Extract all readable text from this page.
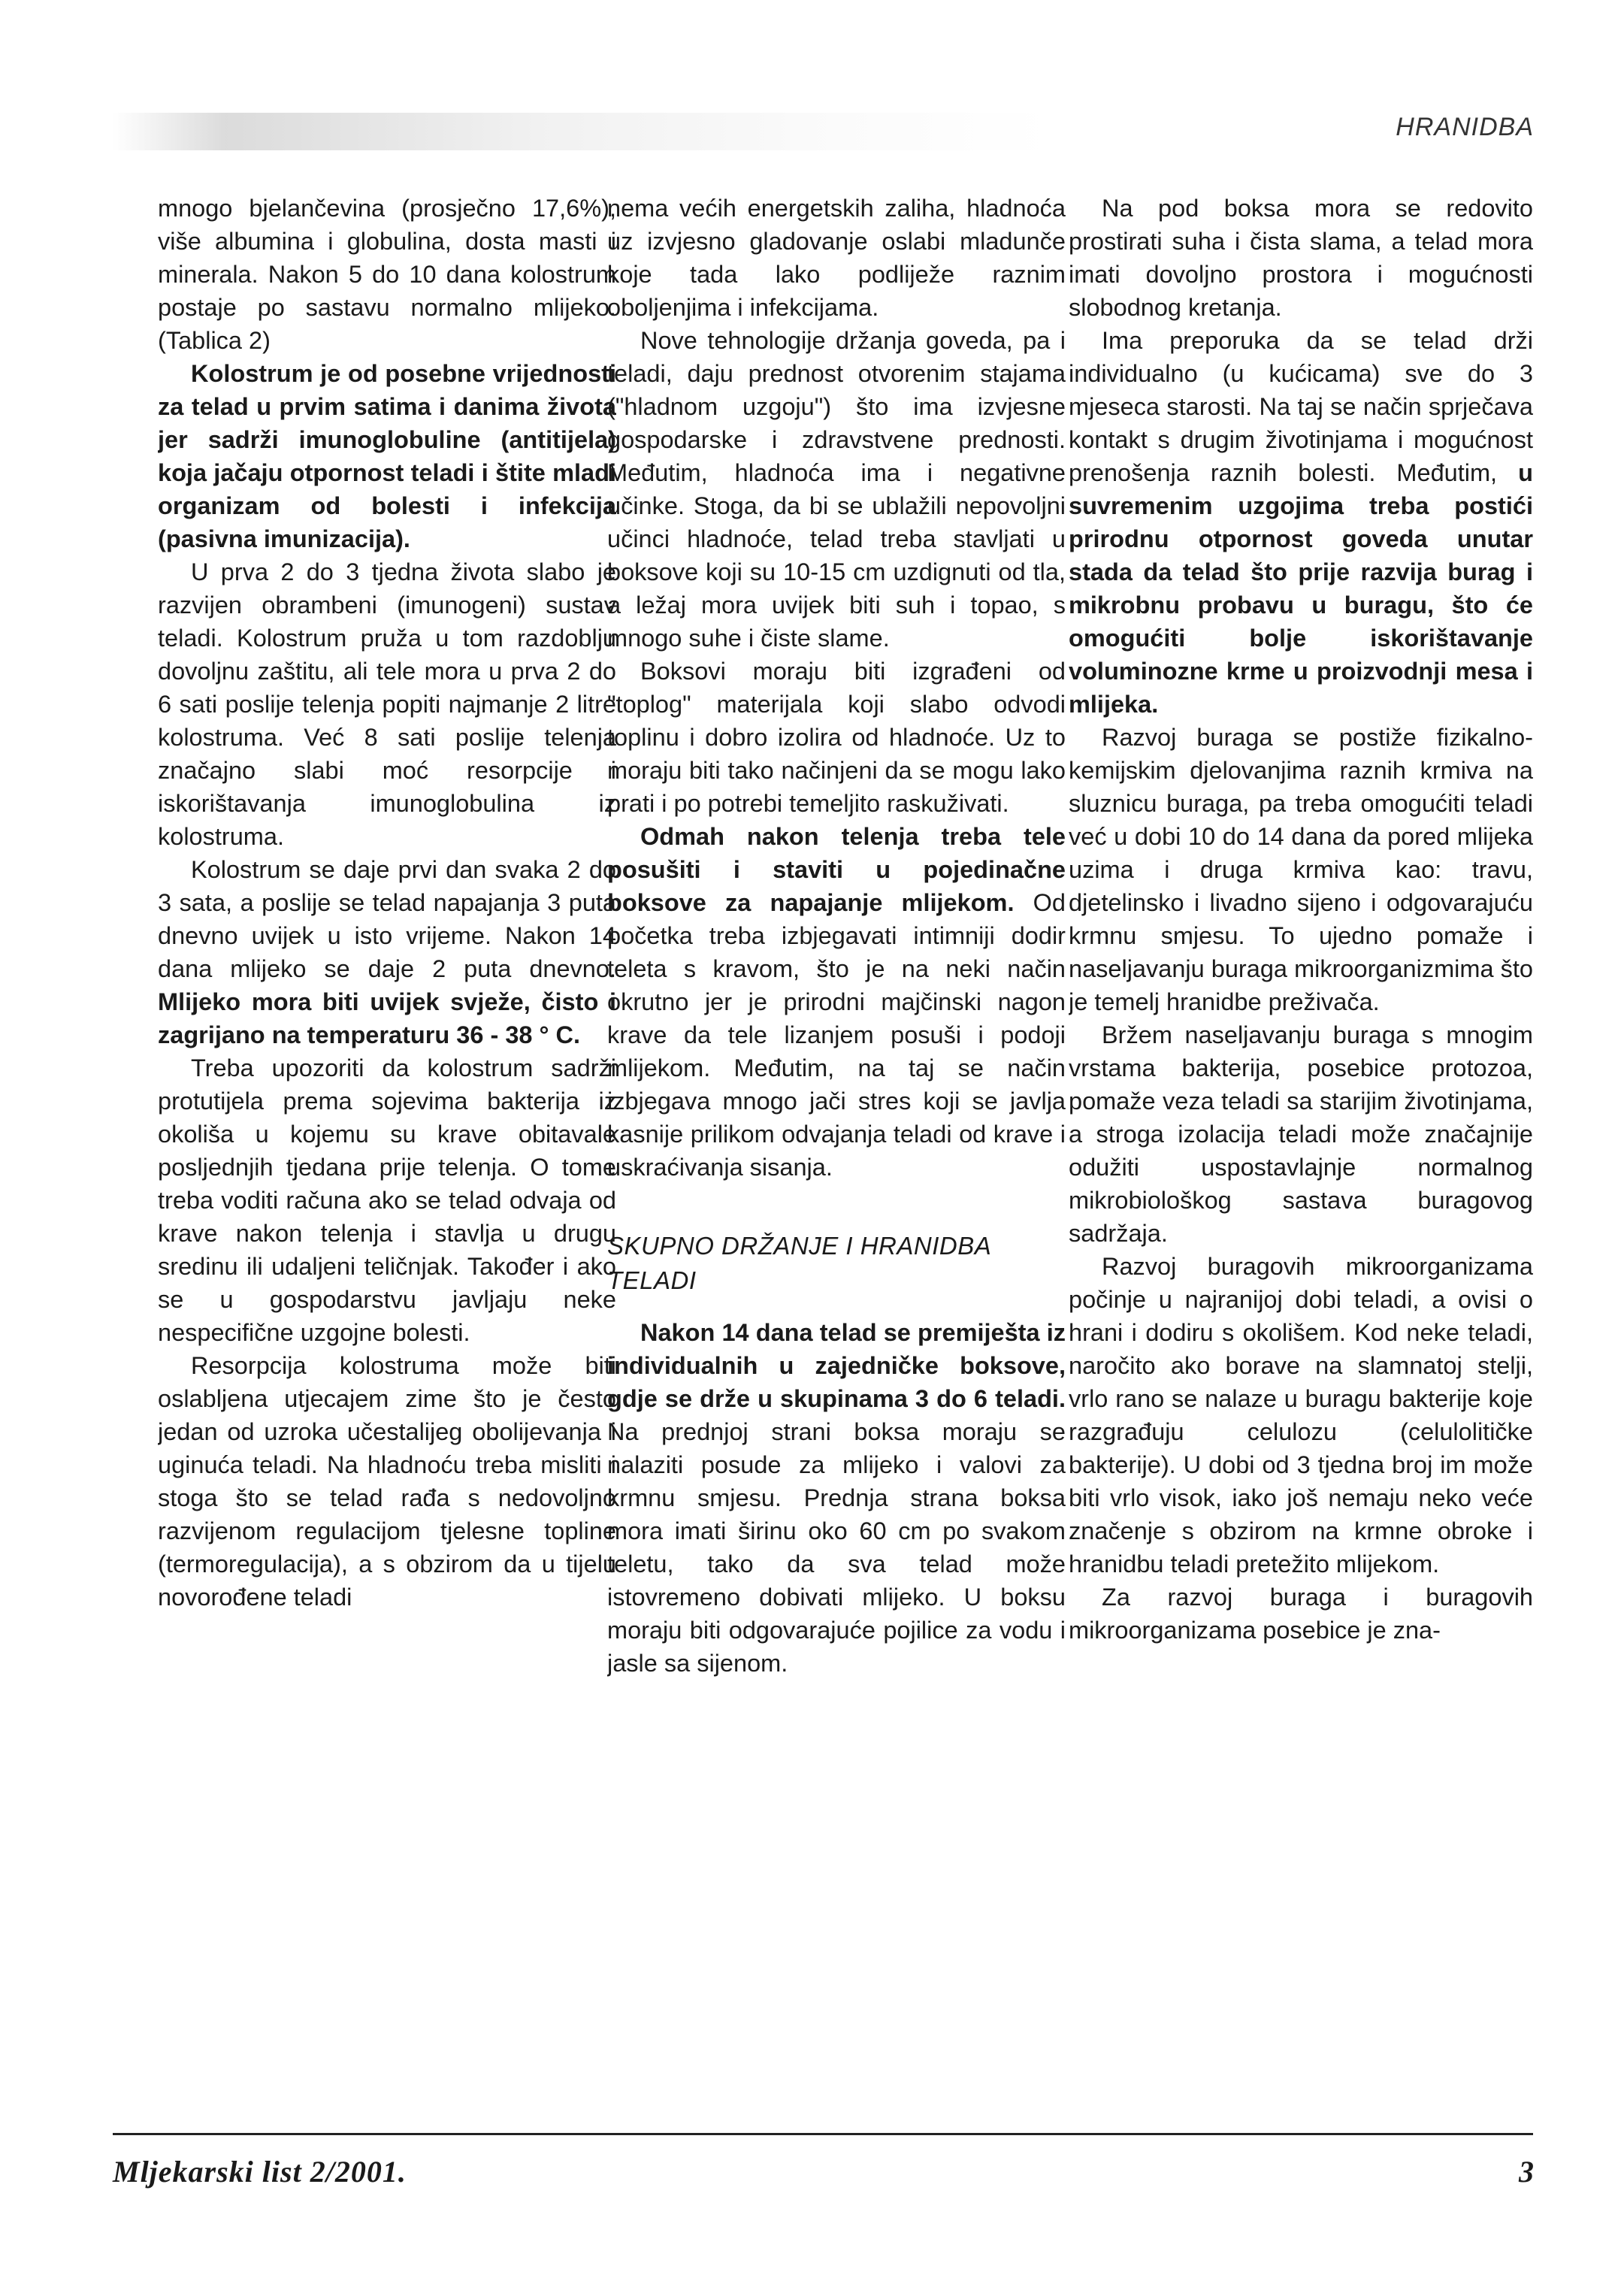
HRANIDBA

mnogo bjelančevina (prosječno 17,6%), više albumina i globulina, dosta masti i minerala. Nakon 5 do 10 dana kolostrum postaje po sastavu normalno mlijeko. (Tablica 2)

Kolostrum je od posebne vrijednosti za telad u prvim satima i danima života jer sadrži imunoglobuline (antitijela) koja jačaju otpornost teladi i štite mladi organizam od bolesti i infekcija (pasivna imunizacija).

U prva 2 do 3 tjedna života slabo je razvijen obrambeni (imunogeni) sustav teladi. Kolostrum pruža u tom razdoblju dovoljnu zaštitu, ali tele mora u prva 2 do 6 sati poslije telenja popiti najmanje 2 litre kolostruma. Već 8 sati poslije telenja značajno slabi moć resorpcije i iskorištavanja imunoglobulina iz kolostruma.

Kolostrum se daje prvi dan svaka 2 do 3 sata, a poslije se telad napajanja 3 puta dnevno uvijek u isto vrijeme. Nakon 14 dana mlijeko se daje 2 puta dnevno. Mlijeko mora biti uvijek svježe, čisto i zagrijano na temperaturu 36 - 38 ° C.

Treba upozoriti da kolostrum sadrži protutijela prema sojevima bakterija iz okoliša u kojemu su krave obitavale posljednjih tjedana prije telenja. O tome treba voditi računa ako se telad odvaja od krave nakon telenja i stavlja u drugu sredinu ili udaljeni teličnjak. Također i ako se u gospodarstvu javljaju neke nespecifične uzgojne bolesti.

Resorpcija kolostruma može biti oslabljena utjecajem zime što je često jedan od uzroka učestalijeg obolijevanja i uginuća teladi. Na hladnoću treba misliti i stoga što se telad rađa s nedovoljno razvijenom regulacijom tjelesne topline (termoregulacija), a s obzirom da u tijelu novorođene teladi

nema većih energetskih zaliha, hladnoća uz izvjesno gladovanje oslabi mladunče koje tada lako podliježe raznim oboljenjima i infekcijama.

Nove tehnologije držanja goveda, pa i teladi, daju prednost otvorenim stajama ("hladnom uzgoju") što ima izvjesne gospodarske i zdravstvene prednosti. Međutim, hladnoća ima i negativne učinke. Stoga, da bi se ublažili nepovoljni učinci hladnoće, telad treba stavljati u boksove koji su 10-15 cm uzdignuti od tla, a ležaj mora uvijek biti suh i topao, s mnogo suhe i čiste slame.

Boksovi moraju biti izgrađeni od "toplog" materijala koji slabo odvodi toplinu i dobro izolira od hladnoće. Uz to moraju biti tako načinjeni da se mogu lako prati i po potrebi temeljito raskuživati.

Odmah nakon telenja treba tele posušiti i staviti u pojedinačne boksove za napajanje mlijekom. Od početka treba izbjegavati intimniji dodir teleta s kravom, što je na neki način okrutno jer je prirodni majčinski nagon krave da tele lizanjem posuši i podoji mlijekom. Međutim, na taj se način izbjegava mnogo jači stres koji se javlja kasnije prilikom odvajanja teladi od krave i uskraćivanja sisanja.

SKUPNO DRŽANJE I HRANIDBA TELADI

Nakon 14 dana telad se premiješta iz individualnih u zajedničke boksove, gdje se drže u skupinama 3 do 6 teladi. Na prednjoj strani boksa moraju se nalaziti posude za mlijeko i valovi za krmnu smjesu. Prednja strana boksa mora imati širinu oko 60 cm po svakom teletu, tako da sva telad može istovremeno dobivati mlijeko. U boksu moraju biti odgovarajuće pojilice za vodu i jasle sa sijenom.

Na pod boksa mora se redovito prostirati suha i čista slama, a telad mora imati dovoljno prostora i mogućnosti slobodnog kretanja.

Ima preporuka da se telad drži individualno (u kućicama) sve do 3 mjeseca starosti. Na taj se način sprječava kontakt s drugim životinjama i mogućnost prenošenja raznih bolesti. Međutim, u suvremenim uzgojima treba postići prirodnu otpornost goveda unutar stada da telad što prije razvija burag i mikrobnu probavu u buragu, što će omogućiti bolje iskorištavanje voluminozne krme u proizvodnji mesa i mlijeka.

Razvoj buraga se postiže fizikalno-kemijskim djelovanjima raznih krmiva na sluznicu buraga, pa treba omogućiti teladi već u dobi 10 do 14 dana da pored mlijeka uzima i druga krmiva kao: travu, djetelinsko i livadno sijeno i odgovarajuću krmnu smjesu. To ujedno pomaže i naseljavanju buraga mikroorganizmima što je temelj hranidbe preživača.

Bržem naseljavanju buraga s mnogim vrstama bakterija, posebice protozoa, pomaže veza teladi sa starijim životinjama, a stroga izolacija teladi može značajnije odužiti uspostavlajnje normalnog mikrobiološkog sastava buragovog sadržaja.

Razvoj buragovih mikroorganizama počinje u najranijoj dobi teladi, a ovisi o hrani i dodiru s okolišem. Kod neke teladi, naročito ako borave na slamnatoj stelji, vrlo rano se nalaze u buragu bakterije koje razgrađuju celulozu (celulolitičke bakterije). U dobi od 3 tjedna broj im može biti vrlo visok, iako još nemaju neko veće značenje s obzirom na krmne obroke i hranidbu teladi pretežito mlijekom.

Za razvoj buraga i buragovih mikroorganizama posebice je zna-

Mljekarski list 2/2001.	3
